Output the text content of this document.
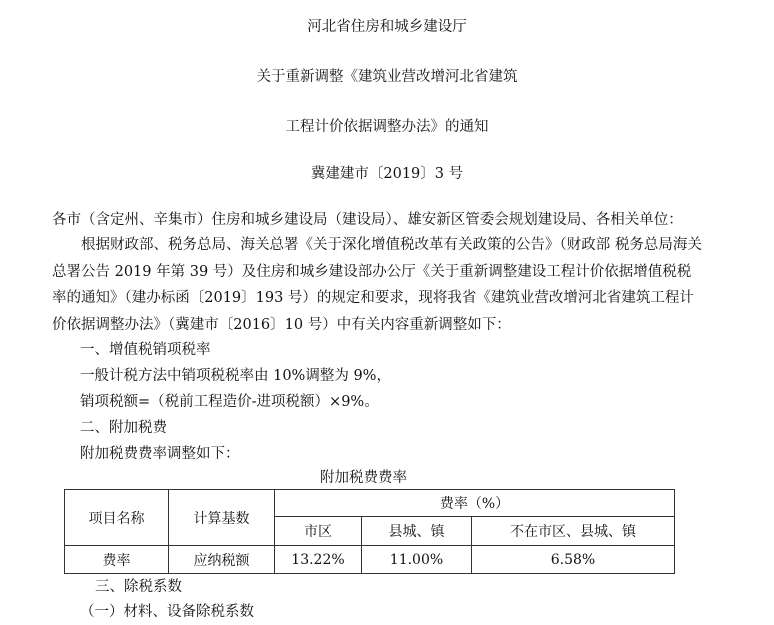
河北省住房和城乡建设厅
关于重新调整《建筑业营改增河北省建筑
工程计价依据调整办法》的通知
冀建建市〔2019〕3 号
各市（含定州、辛集市）住房和城乡建设局（建设局）、雄安新区管委会规划建设局、各相关单位：
根据财政部、税务总局、海关总署《关于深化增值税改革有关政策的公告》（财政部 税务总局海关总署公告 2019 年第 39 号）及住房和城乡建设部办公厅《关于重新调整建设工程计价依据增值税税率的通知》（建办标函〔2019〕193 号）的规定和要求，现将我省《建筑业营改增河北省建筑工程计价依据调整办法》（冀建市〔2016〕10 号）中有关内容重新调整如下：
一、增值税销项税率
一般计税方法中销项税税率由 10%调整为 9%，
销项税额=（税前工程造价-进项税额）×9%。
二、附加税费
附加税费费率调整如下：
附加税费费率
项目名称	计算基数	费率（%）		
		市区	县城、镇	不在市区、县城、镇
费率	应纳税额	13.22%	11.00%	6.58%
三、除税系数
（一）材料、设备除税系数
